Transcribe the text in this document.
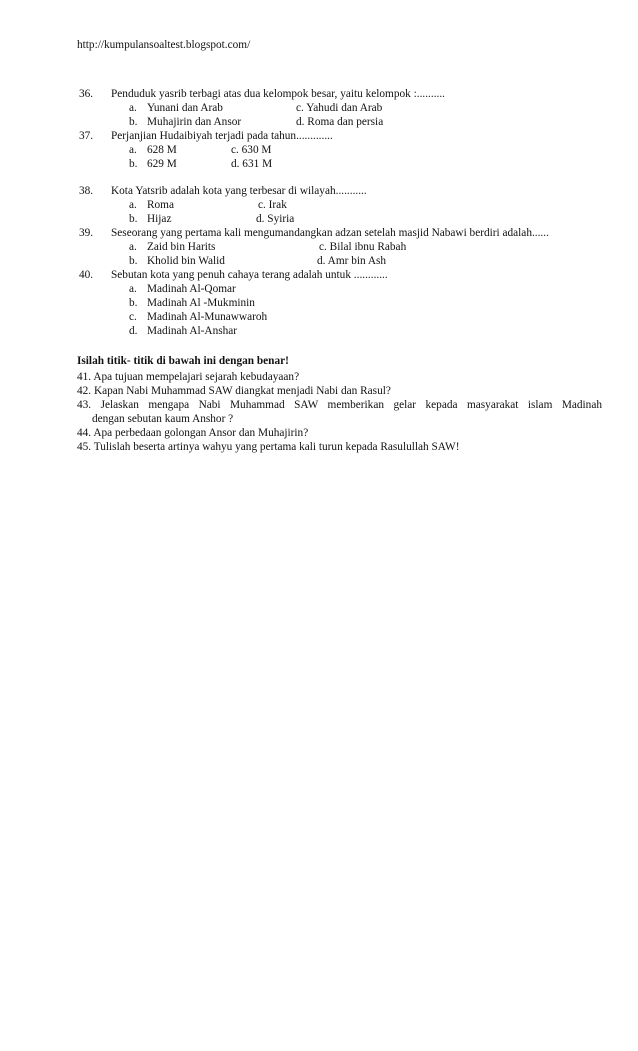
http://kumpulansoaltest.blogspot.com/
36. Penduduk yasrib terbagi atas dua kelompok besar, yaitu kelompok :..........
a. Yunani dan Arab	c. Yahudi dan Arab
b. Muhajirin dan Ansor	d. Roma dan persia
37. Perjanjian Hudaibiyah terjadi pada tahun.............
a. 628 M	c. 630 M
b. 629 M	d. 631 M
38. Kota Yatsrib adalah kota yang terbesar di wilayah...........
a. Roma	c. Irak
b. Hijaz	d. Syiria
39. Seseorang yang pertama kali mengumandangkan adzan setelah masjid Nabawi berdiri adalah......
a. Zaid bin Harits	c. Bilal ibnu Rabah
b. Kholid bin Walid	d. Amr bin Ash
40. Sebutan kota yang penuh cahaya terang adalah untuk ............
a. Madinah Al-Qomar
b. Madinah Al -Mukminin
c. Madinah Al-Munawwaroh
d. Madinah Al-Anshar
Isilah titik- titik di bawah ini dengan benar!
41. Apa tujuan mempelajari sejarah kebudayaan?
42. Kapan Nabi Muhammad SAW diangkat menjadi Nabi dan Rasul?
43. Jelaskan mengapa Nabi Muhammad SAW memberikan gelar kepada masyarakat islam Madinah
dengan sebutan kaum Anshor ?
44. Apa perbedaan golongan Ansor dan Muhajirin?
45. Tulislah beserta artinya wahyu yang pertama kali turun kepada Rasulullah SAW!
